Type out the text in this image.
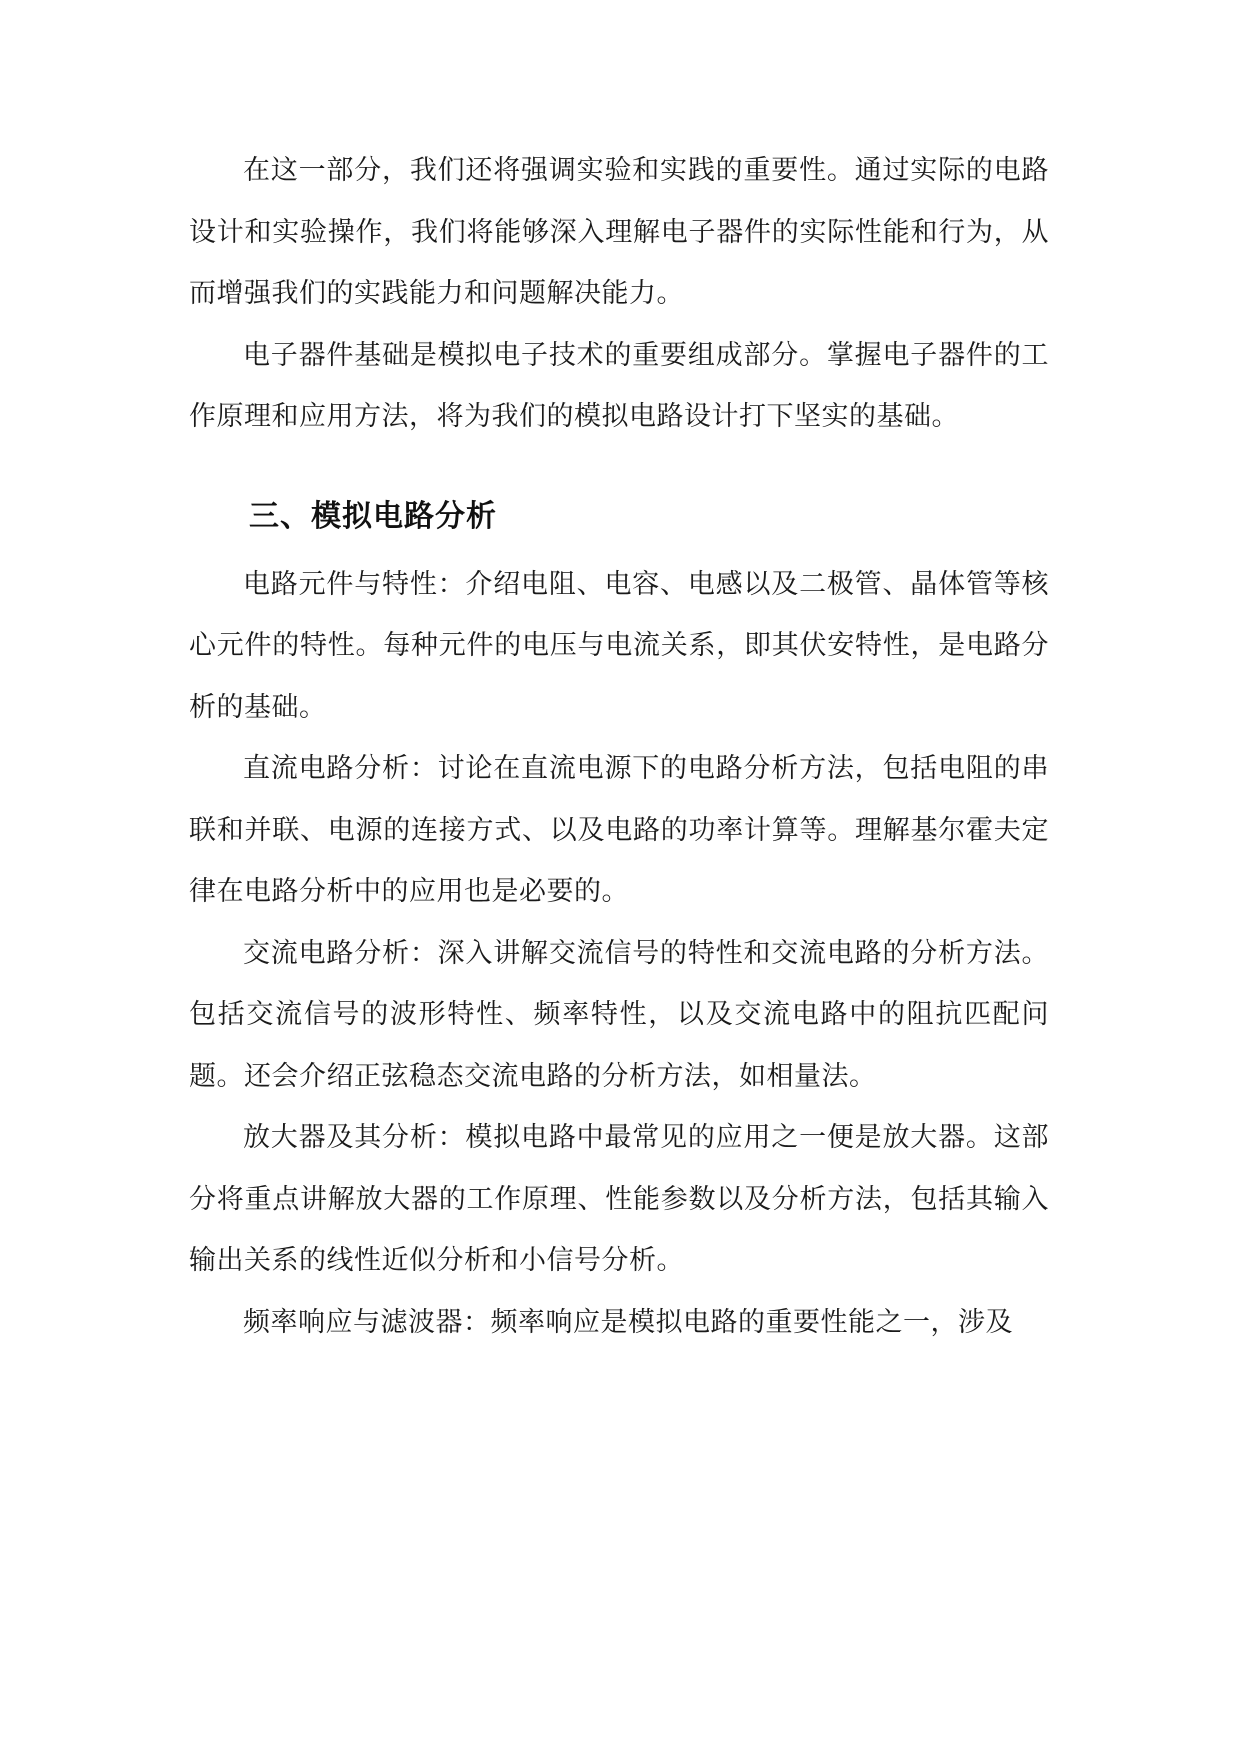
在这一部分，我们还将强调实验和实践的重要性。通过实际的电路设计和实验操作，我们将能够深入理解电子器件的实际性能和行为，从而增强我们的实践能力和问题解决能力。

电子器件基础是模拟电子技术的重要组成部分。掌握电子器件的工作原理和应用方法，将为我们的模拟电路设计打下坚实的基础。

三、模拟电路分析

电路元件与特性：介绍电阻、电容、电感以及二极管、晶体管等核心元件的特性。每种元件的电压与电流关系，即其伏安特性，是电路分析的基础。

直流电路分析：讨论在直流电源下的电路分析方法，包括电阻的串联和并联、电源的连接方式、以及电路的功率计算等。理解基尔霍夫定律在电路分析中的应用也是必要的。

交流电路分析：深入讲解交流信号的特性和交流电路的分析方法。包括交流信号的波形特性、频率特性，以及交流电路中的阻抗匹配问题。还会介绍正弦稳态交流电路的分析方法，如相量法。

放大器及其分析：模拟电路中最常见的应用之一便是放大器。这部分将重点讲解放大器的工作原理、性能参数以及分析方法，包括其输入输出关系的线性近似分析和小信号分析。

频率响应与滤波器：频率响应是模拟电路的重要性能之一，涉及
